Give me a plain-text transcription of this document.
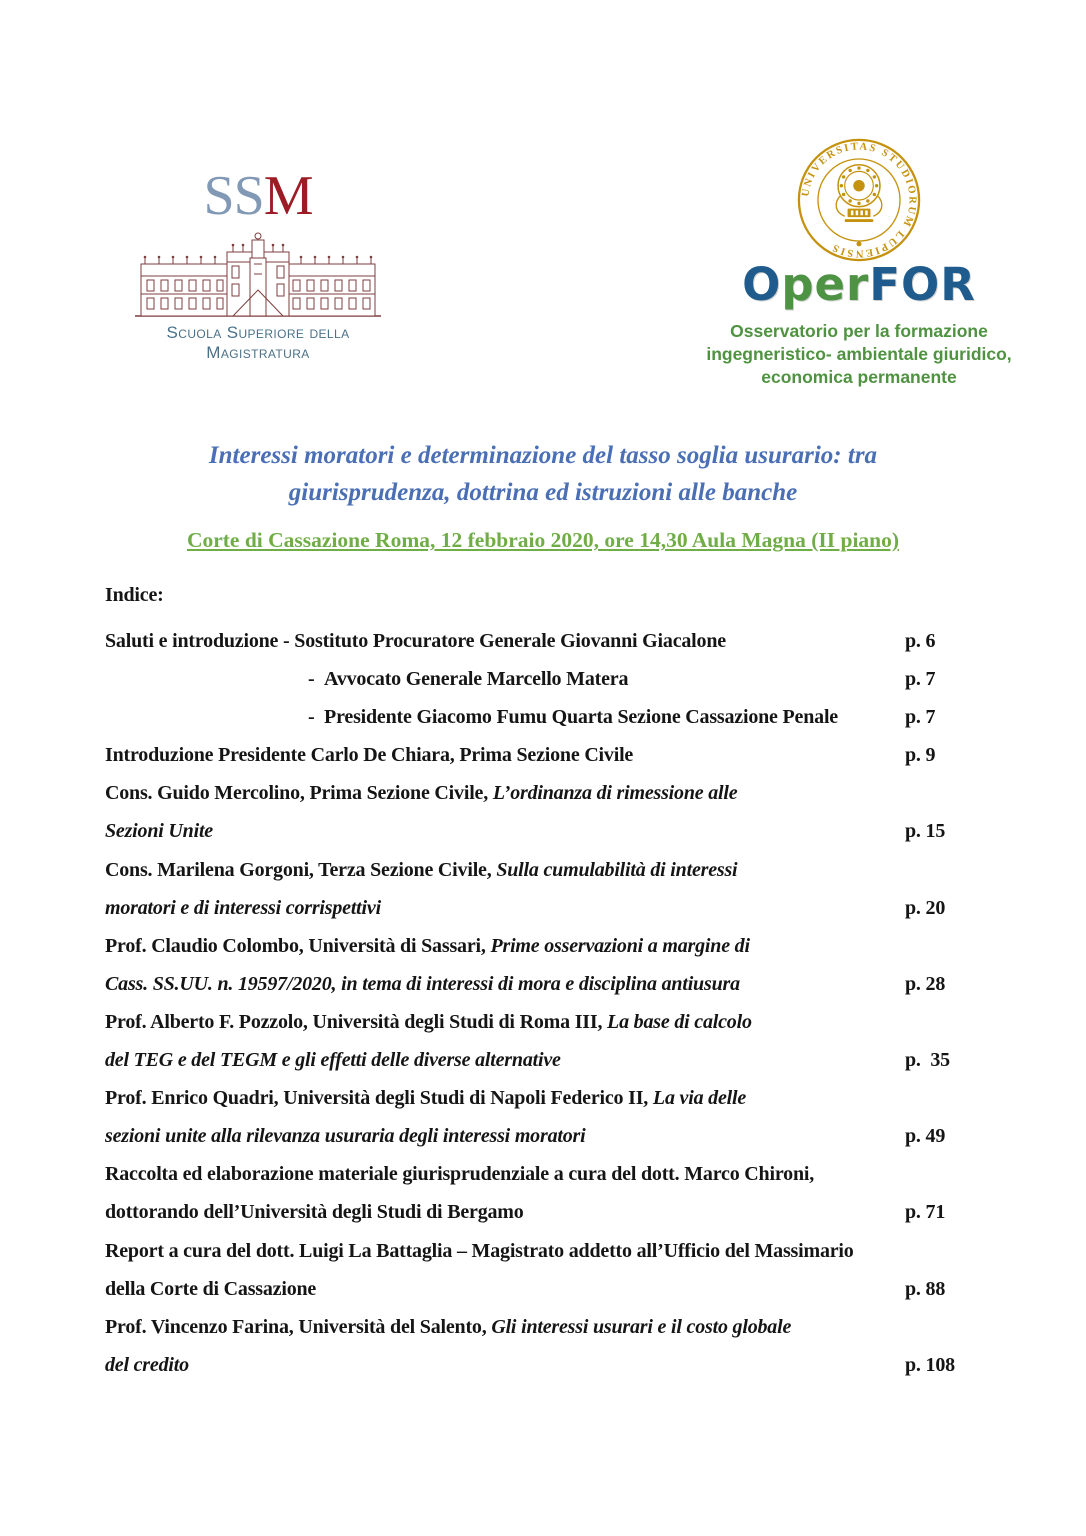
SSM
Scuola Superiore della Magistratura
UNIVERSITAS STUDIORUM LUPIENSIS
OperFOR
Osservatorio per la formazione
ingegneristico- ambientale giuridico,
economica permanente
Interessi moratori e determinazione del tasso soglia usurario: tra
giurisprudenza, dottrina ed istruzioni alle banche
Corte di Cassazione Roma, 12 febbraio 2020, ore 14,30 Aula Magna (II piano)
Indice:
Saluti e introduzione - Sostituto Procuratore Generale Giovanni Giacalone	p. 6
-  Avvocato Generale Marcello Matera	p. 7
-  Presidente Giacomo Fumu Quarta Sezione Cassazione Penale	p. 7
Introduzione Presidente Carlo De Chiara, Prima Sezione Civile	p. 9
Cons. Guido Mercolino, Prima Sezione Civile, L’ordinanza di rimessione alle
Sezioni Unite	p. 15
Cons. Marilena Gorgoni, Terza Sezione Civile, Sulla cumulabilità di interessi
moratori e di interessi corrispettivi	p. 20
Prof. Claudio Colombo, Università di Sassari, Prime osservazioni a margine di
Cass. SS.UU. n. 19597/2020, in tema di interessi di mora e disciplina antiusura	p. 28
Prof. Alberto F. Pozzolo, Università degli Studi di Roma III, La base di calcolo
del TEG e del TEGM e gli effetti delle diverse alternative	p.  35
Prof. Enrico Quadri, Università degli Studi di Napoli Federico II, La via delle
sezioni unite alla rilevanza usuraria degli interessi moratori	p. 49
Raccolta ed elaborazione materiale giurisprudenziale a cura del dott. Marco Chironi,
dottorando dell’Università degli Studi di Bergamo	p. 71
Report a cura del dott. Luigi La Battaglia – Magistrato addetto all’Ufficio del Massimario
della Corte di Cassazione	p. 88
Prof. Vincenzo Farina, Università del Salento, Gli interessi usurari e il costo globale
del credito	p. 108
